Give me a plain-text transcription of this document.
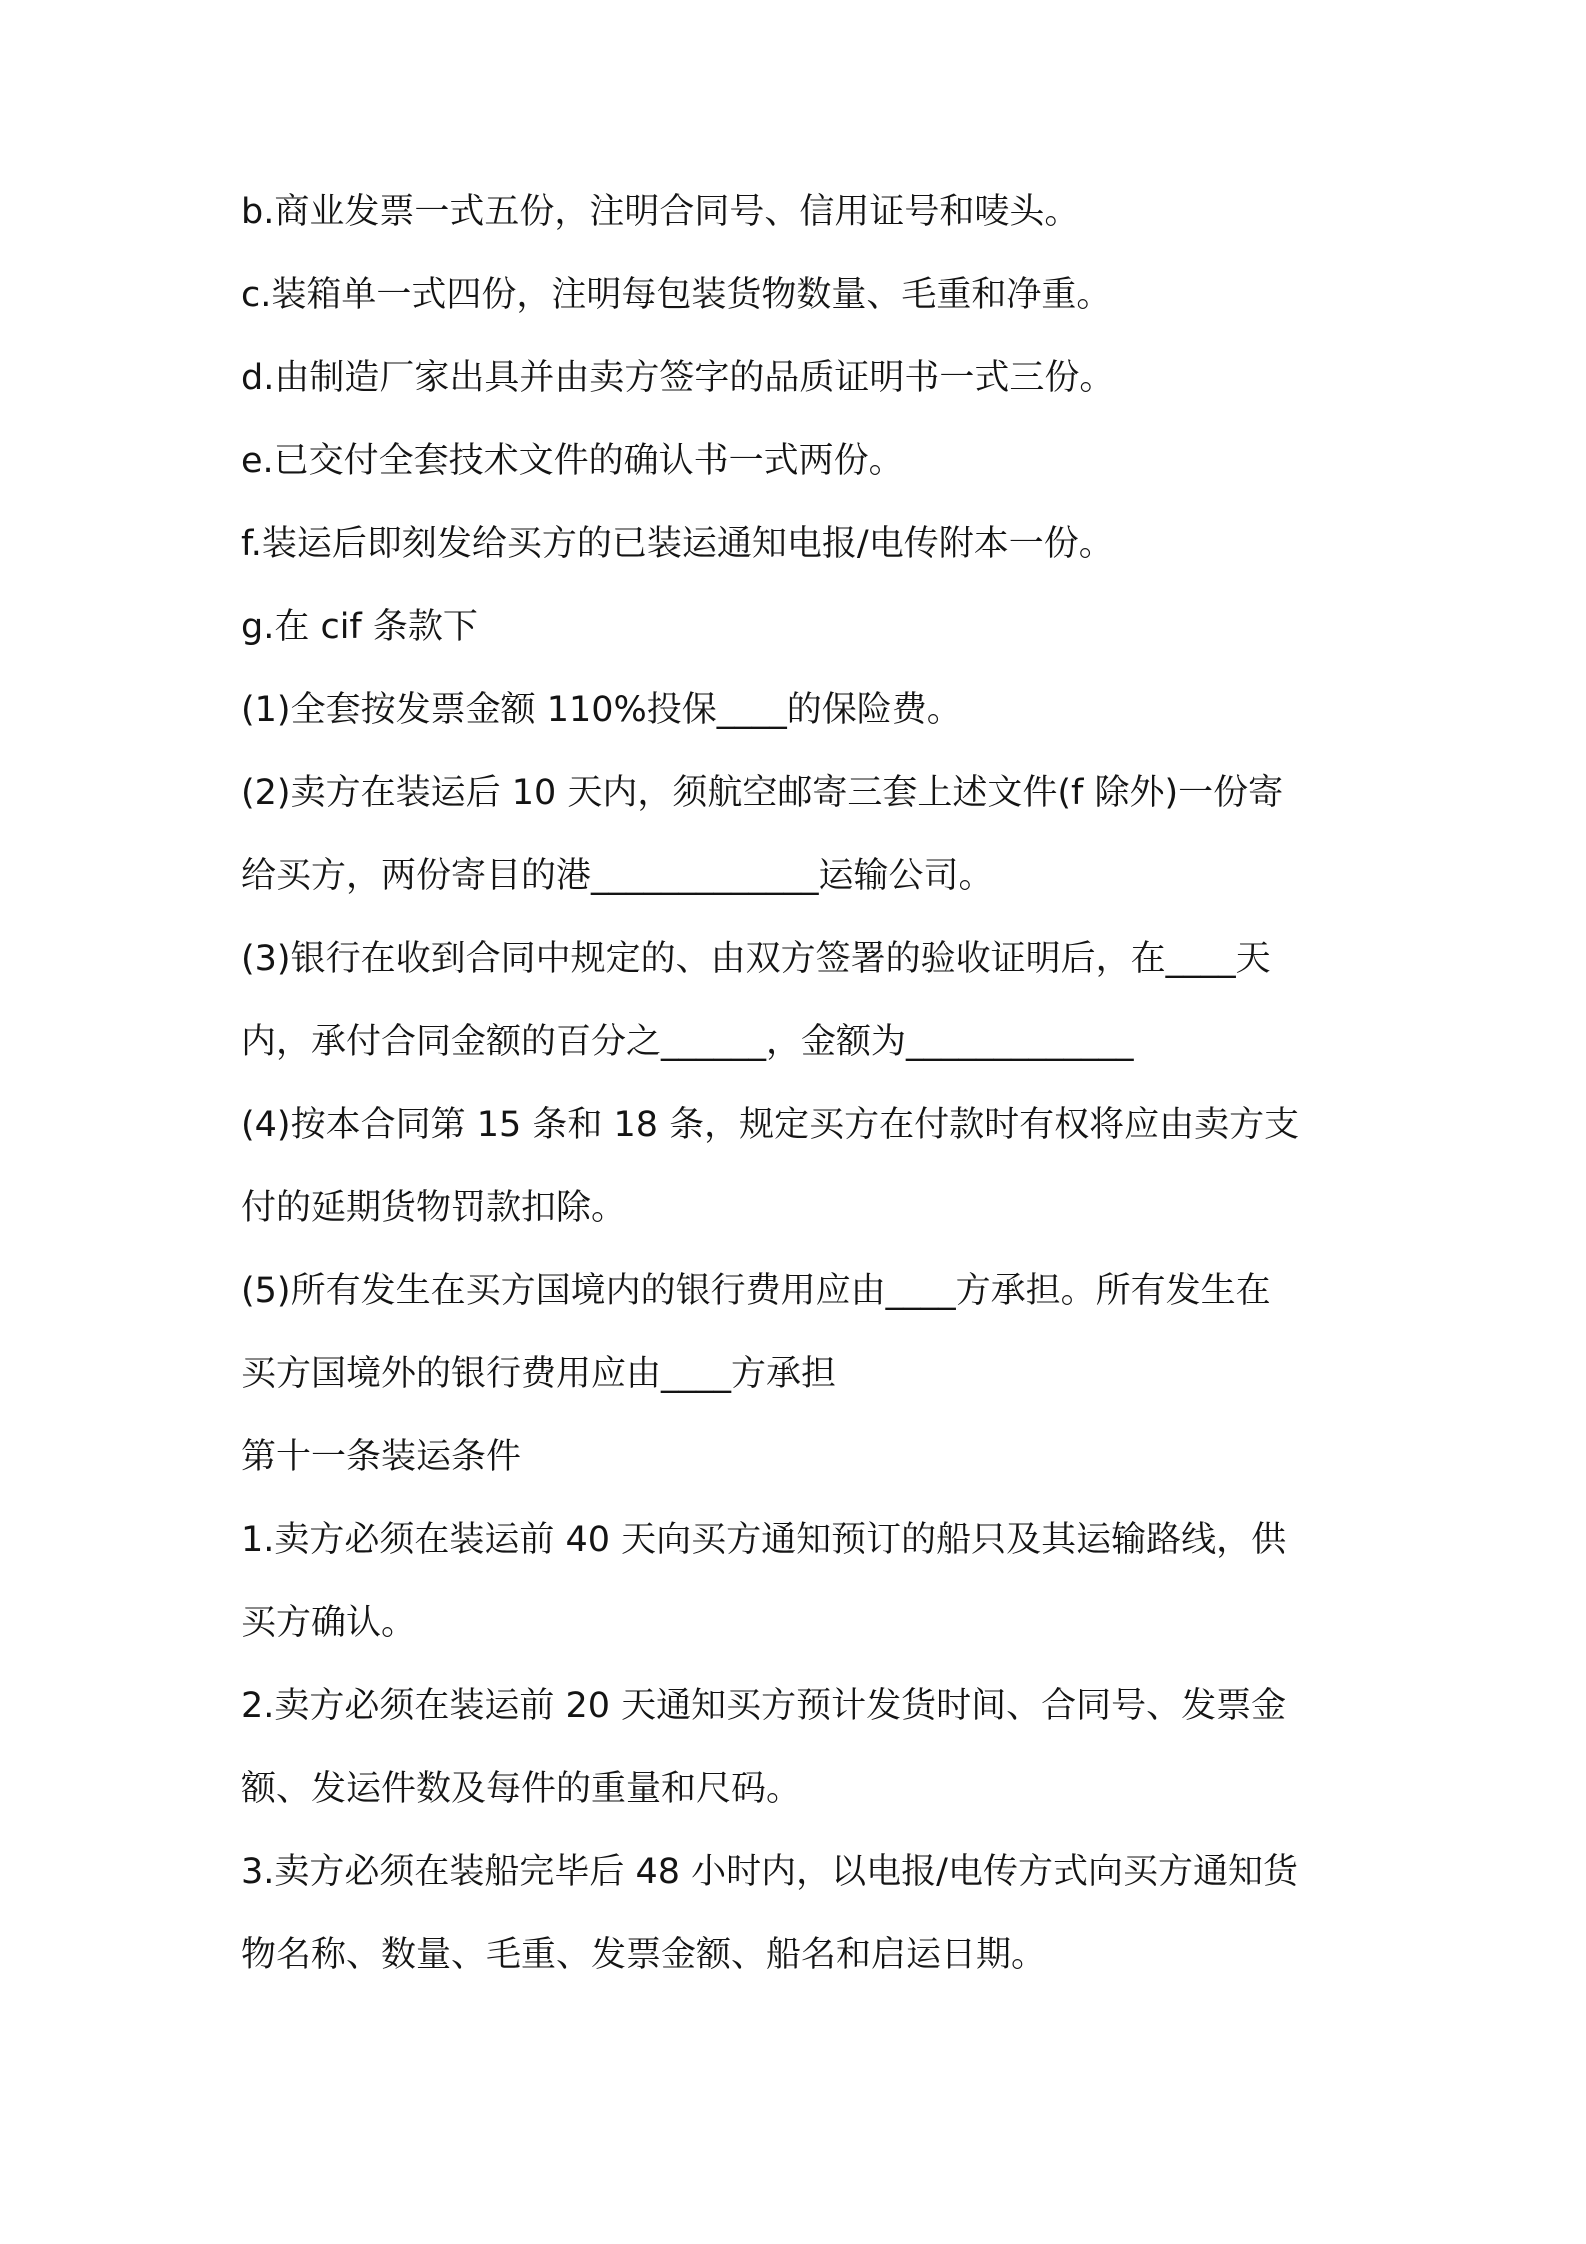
b.商业发票一式五份，注明合同号、信用证号和唛头。
c.装箱单一式四份，注明每包装货物数量、毛重和净重。
d.由制造厂家出具并由卖方签字的品质证明书一式三份。
e.已交付全套技术文件的确认书一式两份。
f.装运后即刻发给买方的已装运通知电报/电传附本一份。
g.在 cif 条款下
(1)全套按发票金额 110%投保____的保险费。
(2)卖方在装运后 10 天内，须航空邮寄三套上述文件(f 除外)一份寄
给买方，两份寄目的港_____________运输公司。
(3)银行在收到合同中规定的、由双方签署的验收证明后，在____天
内，承付合同金额的百分之______，金额为_____________
(4)按本合同第 15 条和 18 条，规定买方在付款时有权将应由卖方支
付的延期货物罚款扣除。
(5)所有发生在买方国境内的银行费用应由____方承担。所有发生在
买方国境外的银行费用应由____方承担
第十一条装运条件
1.卖方必须在装运前 40 天向买方通知预订的船只及其运输路线，供
买方确认。
2.卖方必须在装运前 20 天通知买方预计发货时间、合同号、发票金
额、发运件数及每件的重量和尺码。
3.卖方必须在装船完毕后 48 小时内，以电报/电传方式向买方通知货
物名称、数量、毛重、发票金额、船名和启运日期。
